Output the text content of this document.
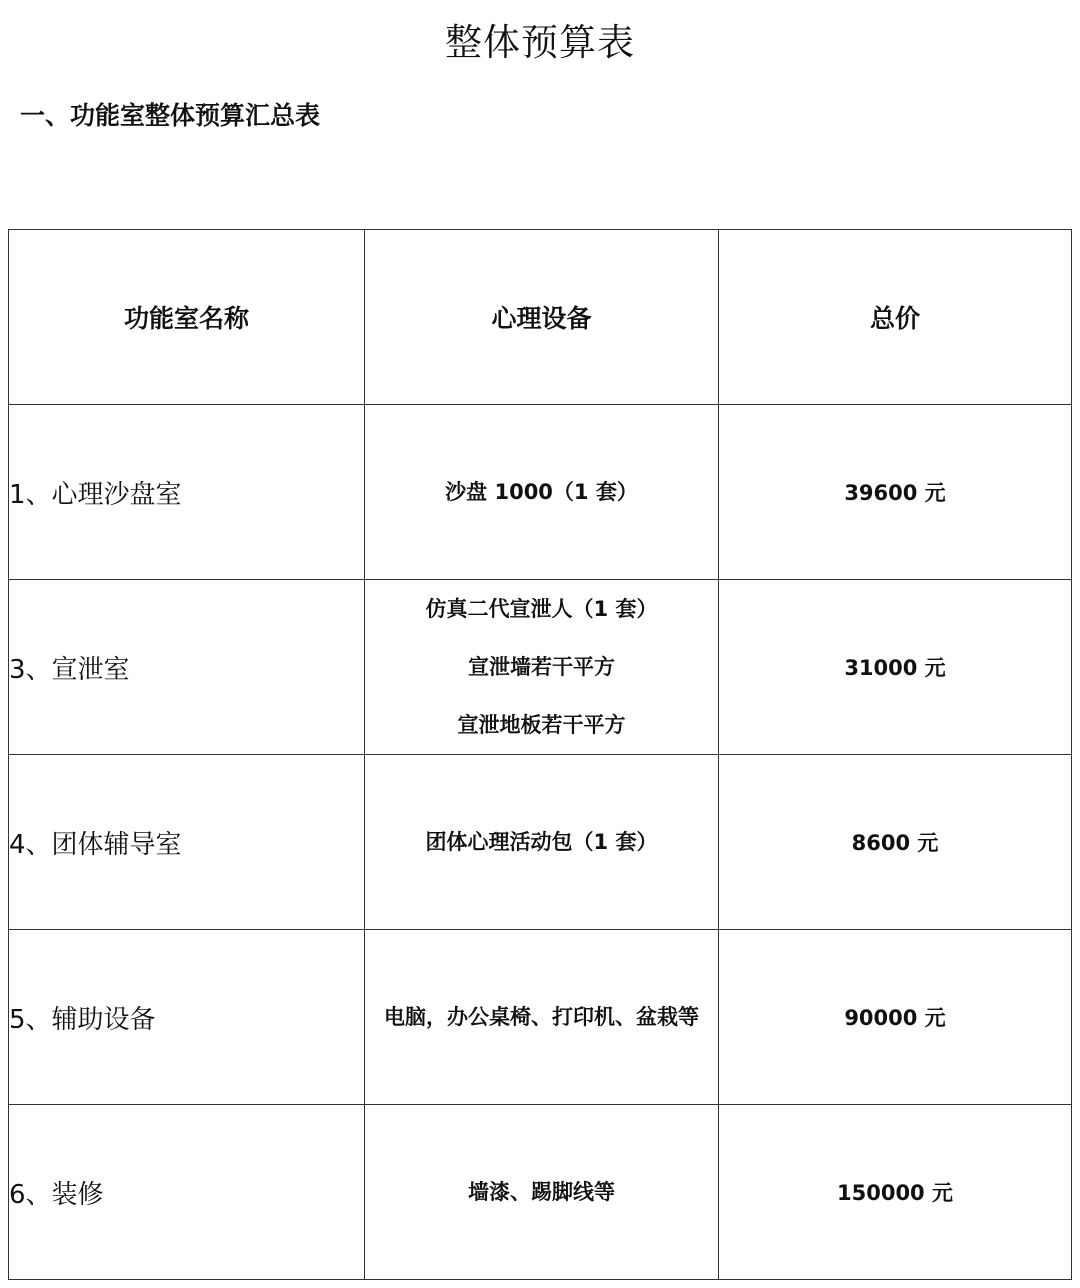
整体预算表
一、功能室整体预算汇总表
功能室名称	心理设备	总价
1、心理沙盘室	沙盘 1000（1 套）	39600 元
3、宣泄室	仿真二代宣泄人（1 套）
宣泄墙若干平方
宣泄地板若干平方	31000 元
4、团体辅导室	团体心理活动包（1 套）	8600 元
5、辅助设备	电脑，办公桌椅、打印机、盆栽等	90000 元
6、装修	墙漆、踢脚线等	150000 元
